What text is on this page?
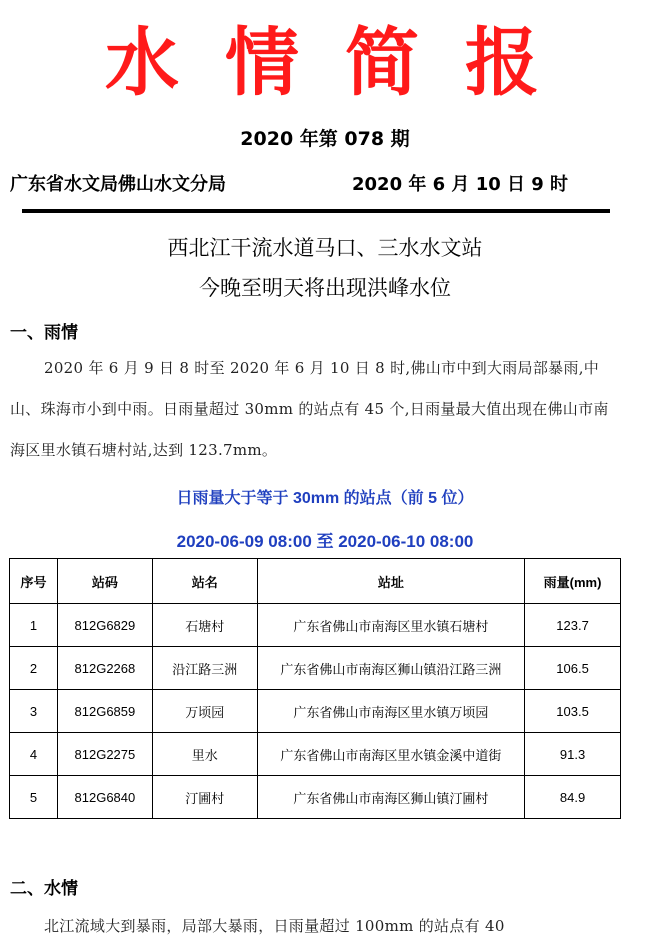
水情简报
2020 年第 078 期
广东省水文局佛山水文分局	2020 年 6 月 10 日 9 时
西北江干流水道马口、三水水文站
今晚至明天将出现洪峰水位
一、雨情
2020 年 6 月 9 日 8 时至 2020 年 6 月 10 日 8 时,佛山市中到大雨局部暴雨,中山、珠海市小到中雨。日雨量超过 30mm 的站点有 45 个,日雨量最大值出现在佛山市南海区里水镇石塘村站,达到 123.7mm。
日雨量大于等于 30mm 的站点（前 5 位）
2020-06-09 08:00 至 2020-06-10 08:00
序号	站码	站名	站址	雨量(mm)
1	812G6829	石塘村	广东省佛山市南海区里水镇石塘村	123.7
2	812G2268	沿江路三洲	广东省佛山市南海区狮山镇沿江路三洲	106.5
3	812G6859	万顷园	广东省佛山市南海区里水镇万顷园	103.5
4	812G2275	里水	广东省佛山市南海区里水镇金溪中道街	91.3
5	812G6840	汀圃村	广东省佛山市南海区狮山镇汀圃村	84.9
二、水情
北江流域大到暴雨，局部大暴雨，日雨量超过 100mm 的站点有 40
